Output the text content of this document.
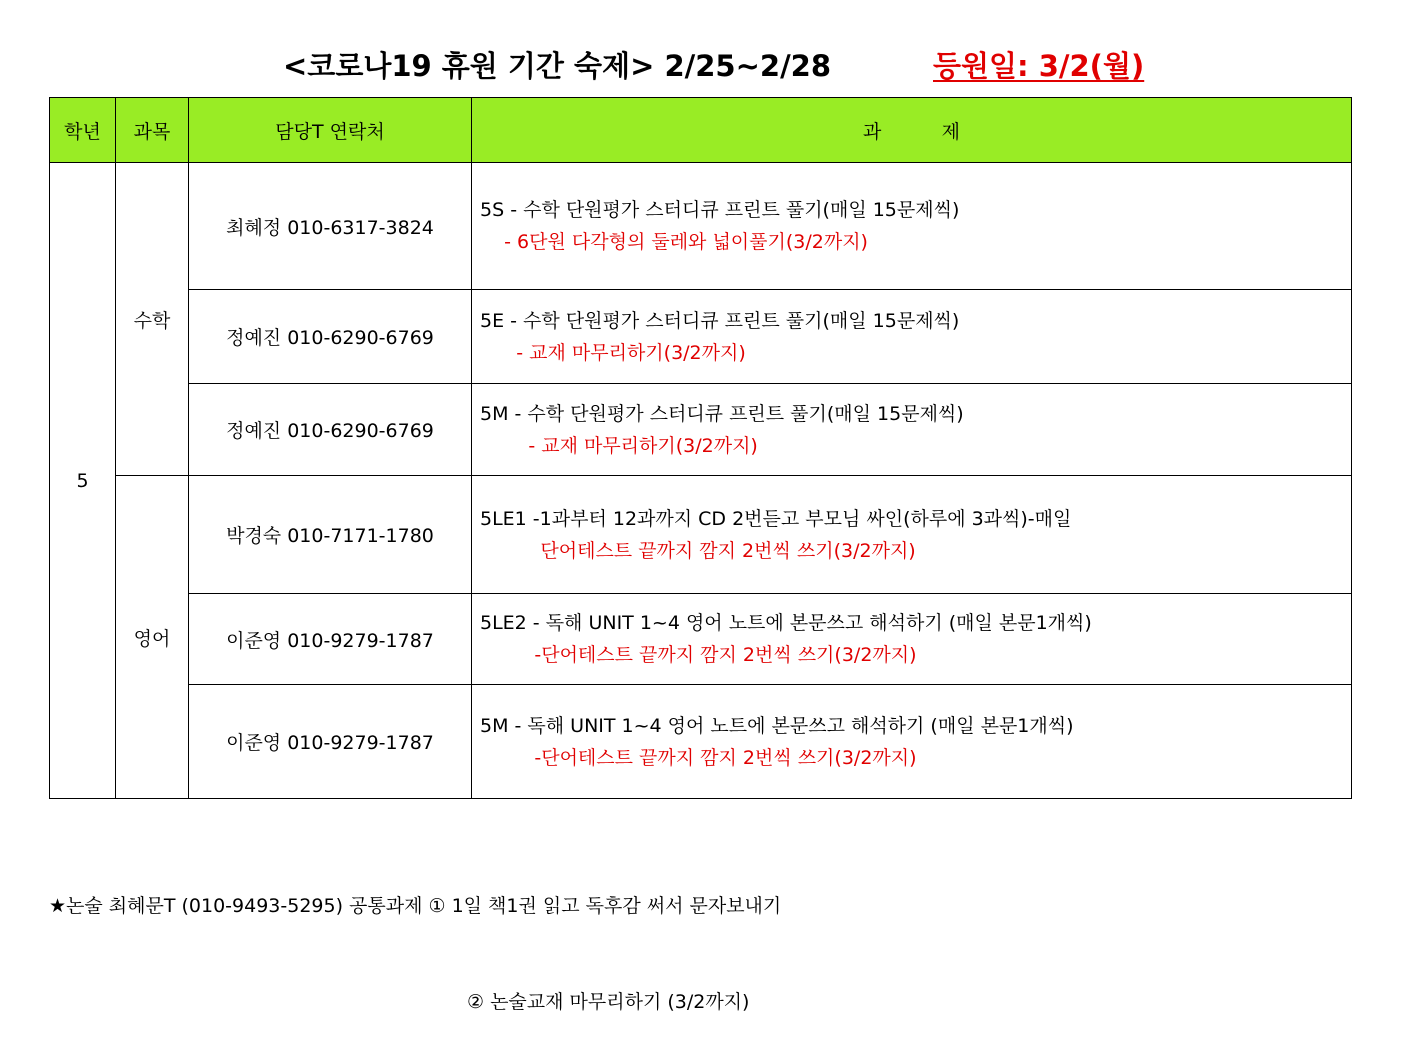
<코로나19 휴원 기간 숙제> 2/25~2/28	등원일: 3/2(월)
학년	과목	담당T 연락처	과          제
5	수학	최혜정 010-6317-3824	5S - 수학 단원평가 스터디큐 프린트 풀기(매일 15문제씩)
- 6단원 다각형의 둘레와 넓이풀기(3/2까지)

		정예진 010-6290-6769	5E - 수학 단원평가 스터디큐 프린트 풀기(매일 15문제씩)
- 교재 마무리하기(3/2까지)

		정예진 010-6290-6769	5M - 수학 단원평가 스터디큐 프린트 풀기(매일 15문제씩)
- 교재 마무리하기(3/2까지)

	영어	박경숙 010-7171-1780	5LE1 -1과부터 12과까지 CD 2번듣고 부모님 싸인(하루에 3과씩)-매일
단어테스트 끝까지 깜지 2번씩 쓰기(3/2까지)

		이준영 010-9279-1787	5LE2 - 독해 UNIT 1~4 영어 노트에 본문쓰고 해석하기 (매일 본문1개씩)
-단어테스트 끝까지 깜지 2번씩 쓰기(3/2까지)

		이준영 010-9279-1787	5M - 독해 UNIT 1~4 영어 노트에 본문쓰고 해석하기 (매일 본문1개씩)
-단어테스트 끝까지 깜지 2번씩 쓰기(3/2까지)

★논술 최혜문T (010-9493-5295) 공통과제 ① 1일 책1권 읽고 독후감 써서 문자보내기

② 논술교재 마무리하기 (3/2까지)
